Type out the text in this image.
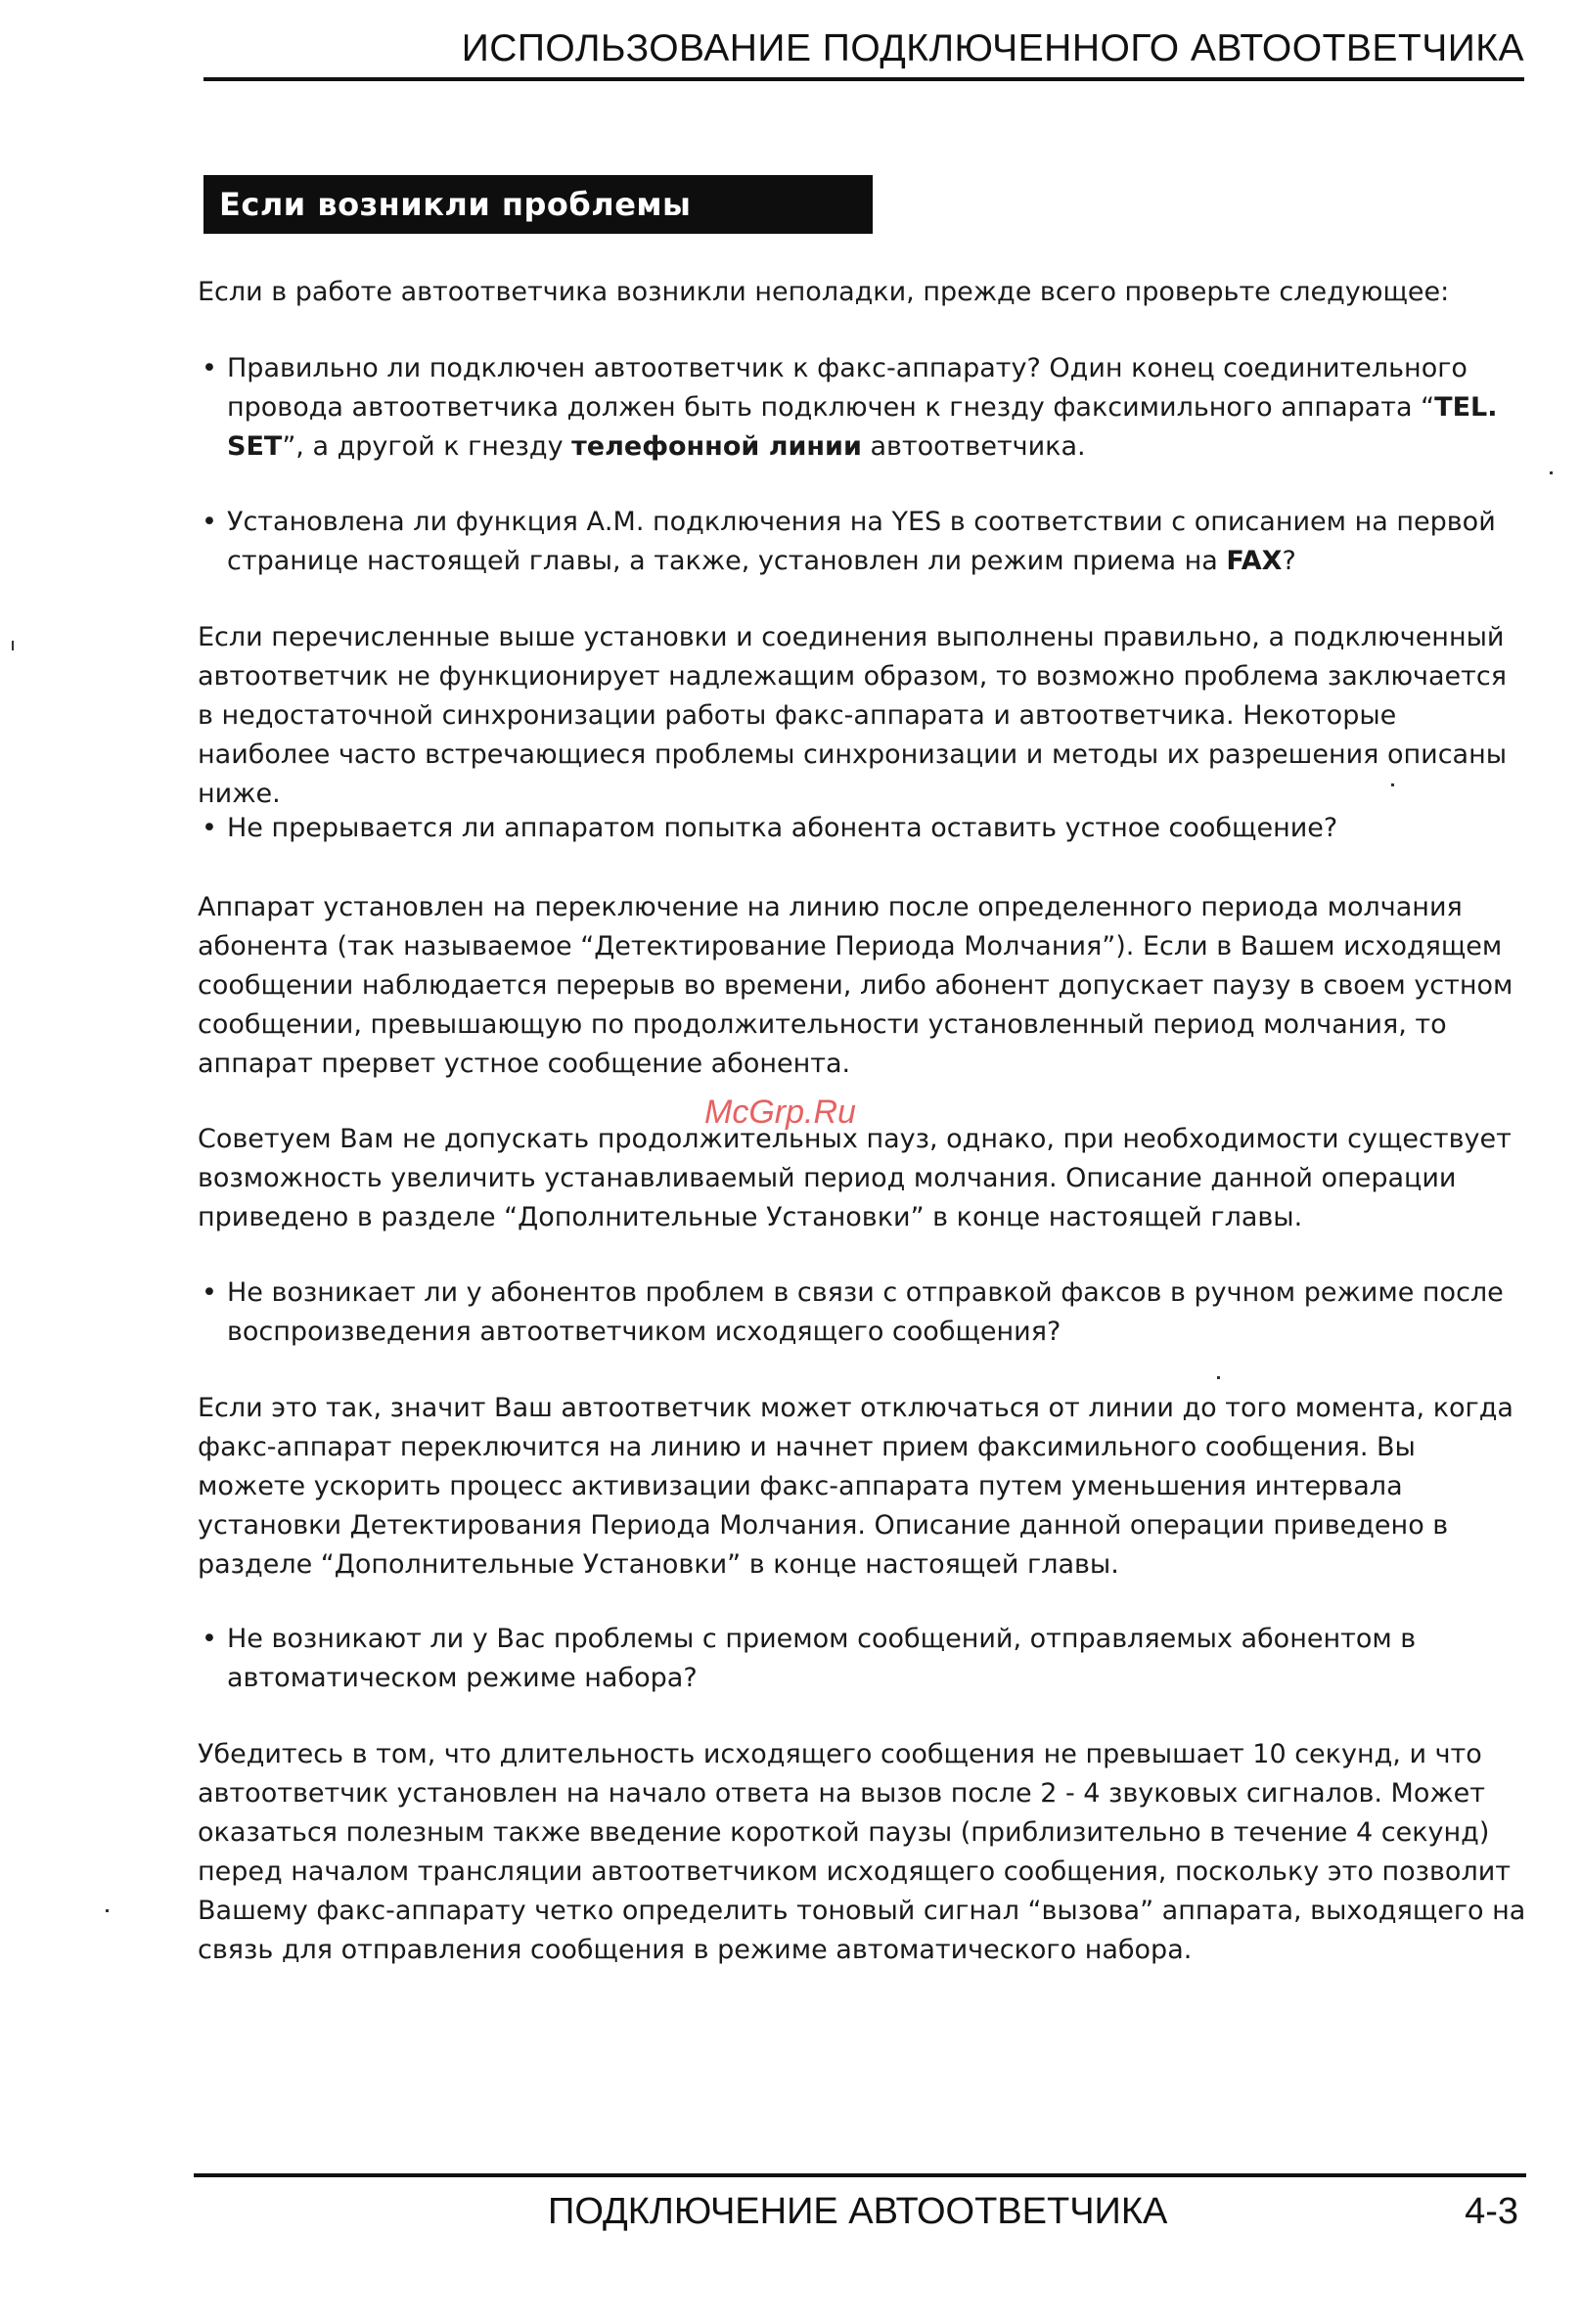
ИСПОЛЬЗОВАНИЕ ПОДКЛЮЧЕННОГО АВТООТВЕТЧИКА
Если возникли проблемы

Если в работе автоответчика возникли неполадки, прежде всего проверьте следующее:

• Правильно ли подключен автоответчик к факс-аппарату? Один конец соединительного провода автоответчика должен быть подключен к гнезду факсимильного аппарата “TEL. SET”, а другой к гнезду телефонной линии автоответчика.

• Установлена ли функция А.М. подключения на YES в соответствии с описанием на первой странице настоящей главы, а также, установлен ли режим приема на FAX?

Если перечисленные выше установки и соединения выполнены правильно, а подключенный автоответчик не функционирует надлежащим образом, то возможно проблема заключается в недостаточной синхронизации работы факс-аппарата и автоответчика. Некоторые наиболее часто встречающиеся проблемы синхронизации и методы их разрешения описаны ниже.

• Не прерывается ли аппаратом попытка абонента оставить устное сообщение?

Аппарат установлен на переключение на линию после определенного периода молчания абонента (так называемое “Детектирование Периода Молчания”). Если в Вашем исходящем сообщении наблюдается перерыв во времени, либо абонент допускает паузу в своем устном сообщении, превышающую по продолжительности установленный период молчания, то аппарат прервет устное сообщение абонента.

Советуем Вам не допускать продолжительных пауз, однако, при необходимости существует возможность увеличить устанавливаемый период молчания. Описание данной операции приведено в разделе “Дополнительные Установки” в конце настоящей главы.

• Не возникает ли у абонентов проблем в связи с отправкой факсов в ручном режиме после воспроизведения автоответчиком исходящего сообщения?

Если это так, значит Ваш автоответчик может отключаться от линии до того момента, когда факс-аппарат переключится на линию и начнет прием факсимильного сообщения. Вы можете ускорить процесс активизации факс-аппарата путем уменьшения интервала установки Детектирования Периода Молчания. Описание данной операции приведено в разделе “Дополнительные Установки” в конце настоящей главы.

• Не возникают ли у Вас проблемы с приемом сообщений, отправляемых абонентом в автоматическом режиме набора?

Убедитесь в том, что длительность исходящего сообщения не превышает 10 секунд, и что автоответчик установлен на начало ответа на вызов после 2 - 4 звуковых сигналов. Может оказаться полезным также введение короткой паузы (приблизительно в течение 4 секунд) перед началом трансляции автоответчиком исходящего сообщения, поскольку это позволит Вашему факс-аппарату четко определить тоновый сигнал “вызова” аппарата, выходящего на связь для отправления сообщения в режиме автоматического набора.

McGrp.Ru
ПОДКЛЮЧЕНИЕ АВТООТВЕТЧИКА	4-3
